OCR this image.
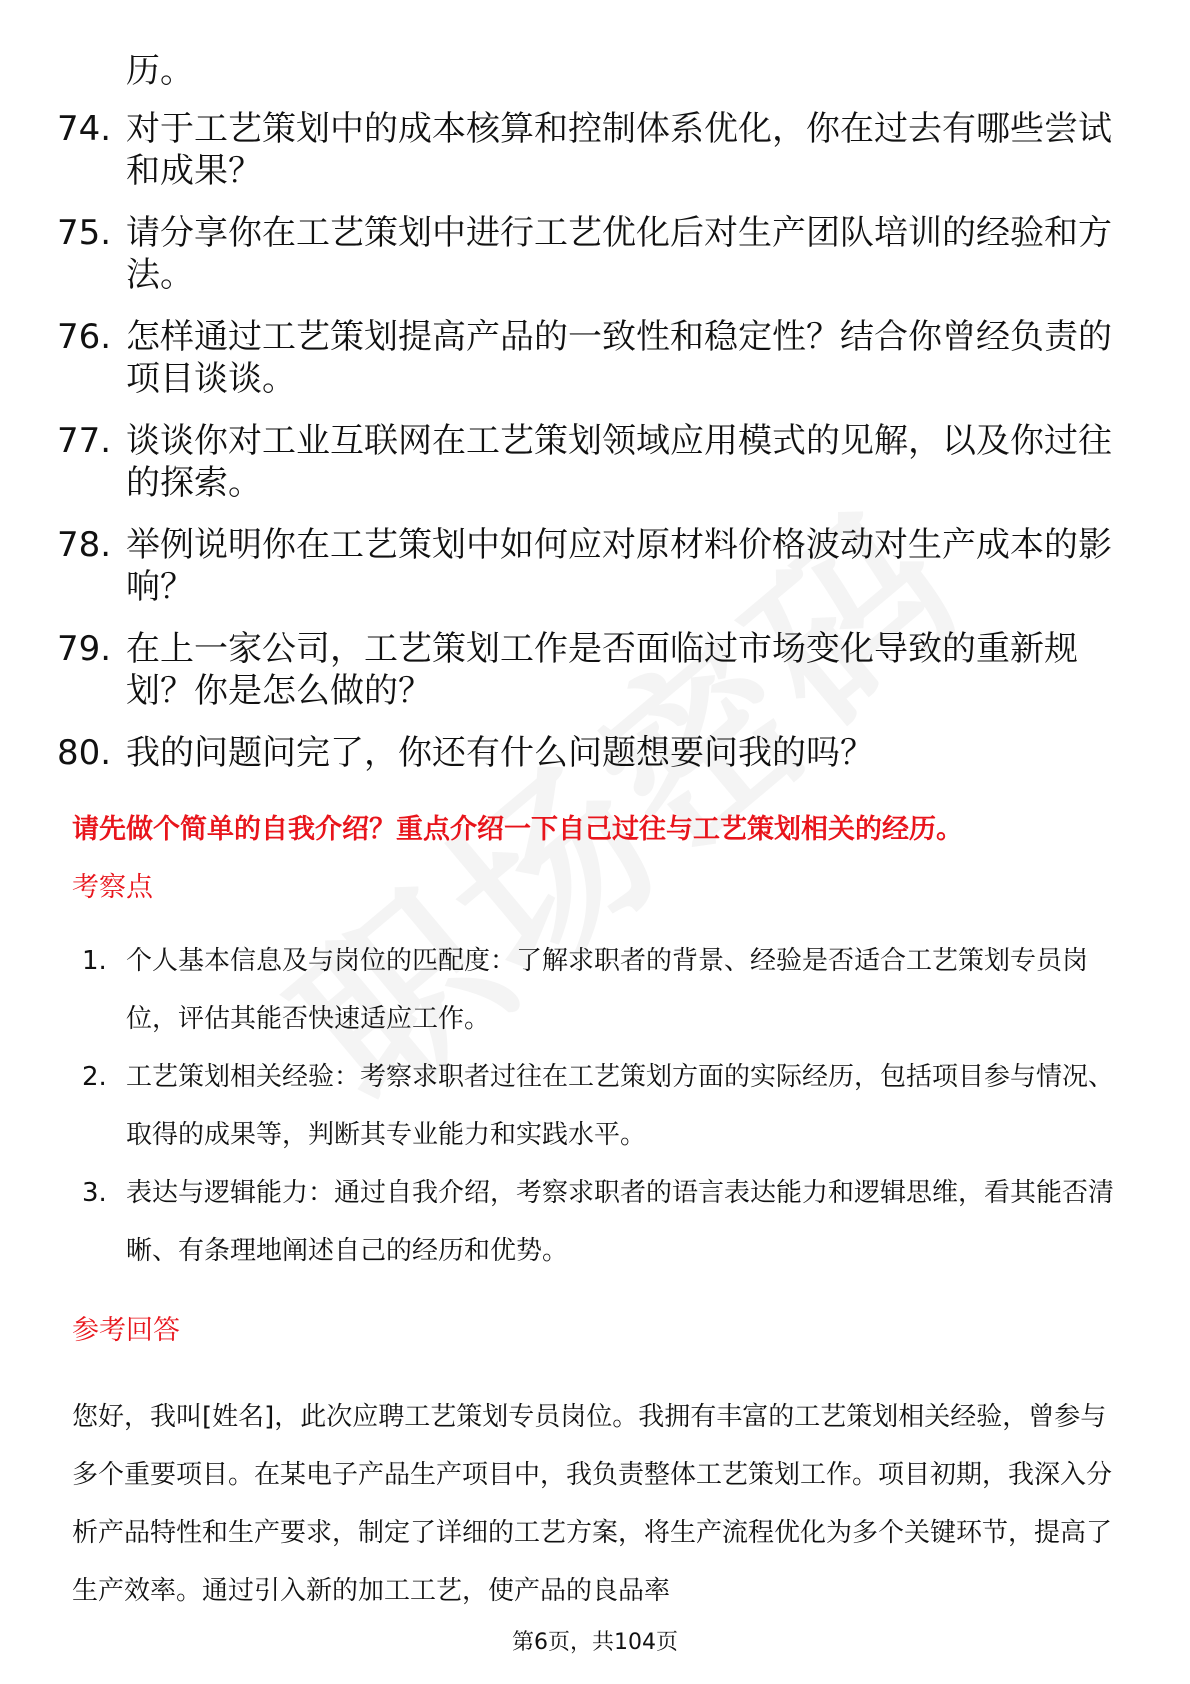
历。
74. 对于工艺策划中的成本核算和控制体系优化，你在过去有哪些尝试和成果？
75. 请分享你在工艺策划中进行工艺优化后对生产团队培训的经验和方法。
76. 怎样通过工艺策划提高产品的一致性和稳定性？结合你曾经负责的项目谈谈。
77. 谈谈你对工业互联网在工艺策划领域应用模式的见解，以及你过往的探索。
78. 举例说明你在工艺策划中如何应对原材料价格波动对生产成本的影响？
79. 在上一家公司，工艺策划工作是否面临过市场变化导致的重新规划？你是怎么做的？
80. 我的问题问完了，你还有什么问题想要问我的吗？
请先做个简单的自我介绍？重点介绍一下自己过往与工艺策划相关的经历。
考察点
1. 个人基本信息及与岗位的匹配度：了解求职者的背景、经验是否适合工艺策划专员岗位，评估其能否快速适应工作。
2. 工艺策划相关经验：考察求职者过往在工艺策划方面的实际经历，包括项目参与情况、取得的成果等，判断其专业能力和实践水平。
3. 表达与逻辑能力：通过自我介绍，考察求职者的语言表达能力和逻辑思维，看其能否清晰、有条理地阐述自己的经历和优势。
参考回答

您好，我叫[姓名]，此次应聘工艺策划专员岗位。我拥有丰富的工艺策划相关经验，曾参与多个重要项目。在某电子产品生产项目中，我负责整体工艺策划工作。项目初期，我深入分析产品特性和生产要求，制定了详细的工艺方案，将生产流程优化为多个关键环节，提高了生产效率。通过引入新的加工工艺，使产品的良品率

第6页，共104页
